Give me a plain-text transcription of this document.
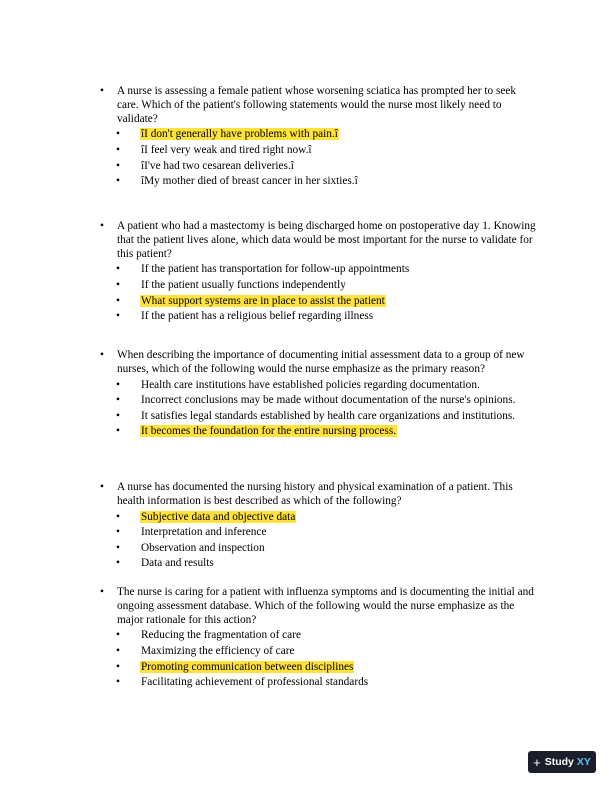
• A nurse is assessing a female patient whose worsening sciatica has prompted her to seek care. Which of the patient's following statements would the nurse most likely need to validate?

• îI don't generally have problems with pain.î
• îI feel very weak and tired right now.î
• îI've had two cesarean deliveries.î
• îMy mother died of breast cancer in her sixties.î

• A patient who had a mastectomy is being discharged home on postoperative day 1. Knowing that the patient lives alone, which data would be most important for the nurse to validate for this patient?

• If the patient has transportation for follow-up appointments
• If the patient usually functions independently
• What support systems are in place to assist the patient
• If the patient has a religious belief regarding illness

• When describing the importance of documenting initial assessment data to a group of new nurses, which of the following would the nurse emphasize as the primary reason?

• Health care institutions have established policies regarding documentation.
• Incorrect conclusions may be made without documentation of the nurse's opinions.
• It satisfies legal standards established by health care organizations and institutions.
• It becomes the foundation for the entire nursing process.

• A nurse has documented the nursing history and physical examination of a patient. This health information is best described as which of the following?

• Subjective data and objective data
• Interpretation and inference
• Observation and inspection
• Data and results

• The nurse is caring for a patient with influenza symptoms and is documenting the initial and ongoing assessment database. Which of the following would the nurse emphasize as the major rationale for this action?

• Reducing the fragmentation of care
• Maximizing the efficiency of care
• Promoting communication between disciplines
• Facilitating achievement of professional standards
+ Study XY
